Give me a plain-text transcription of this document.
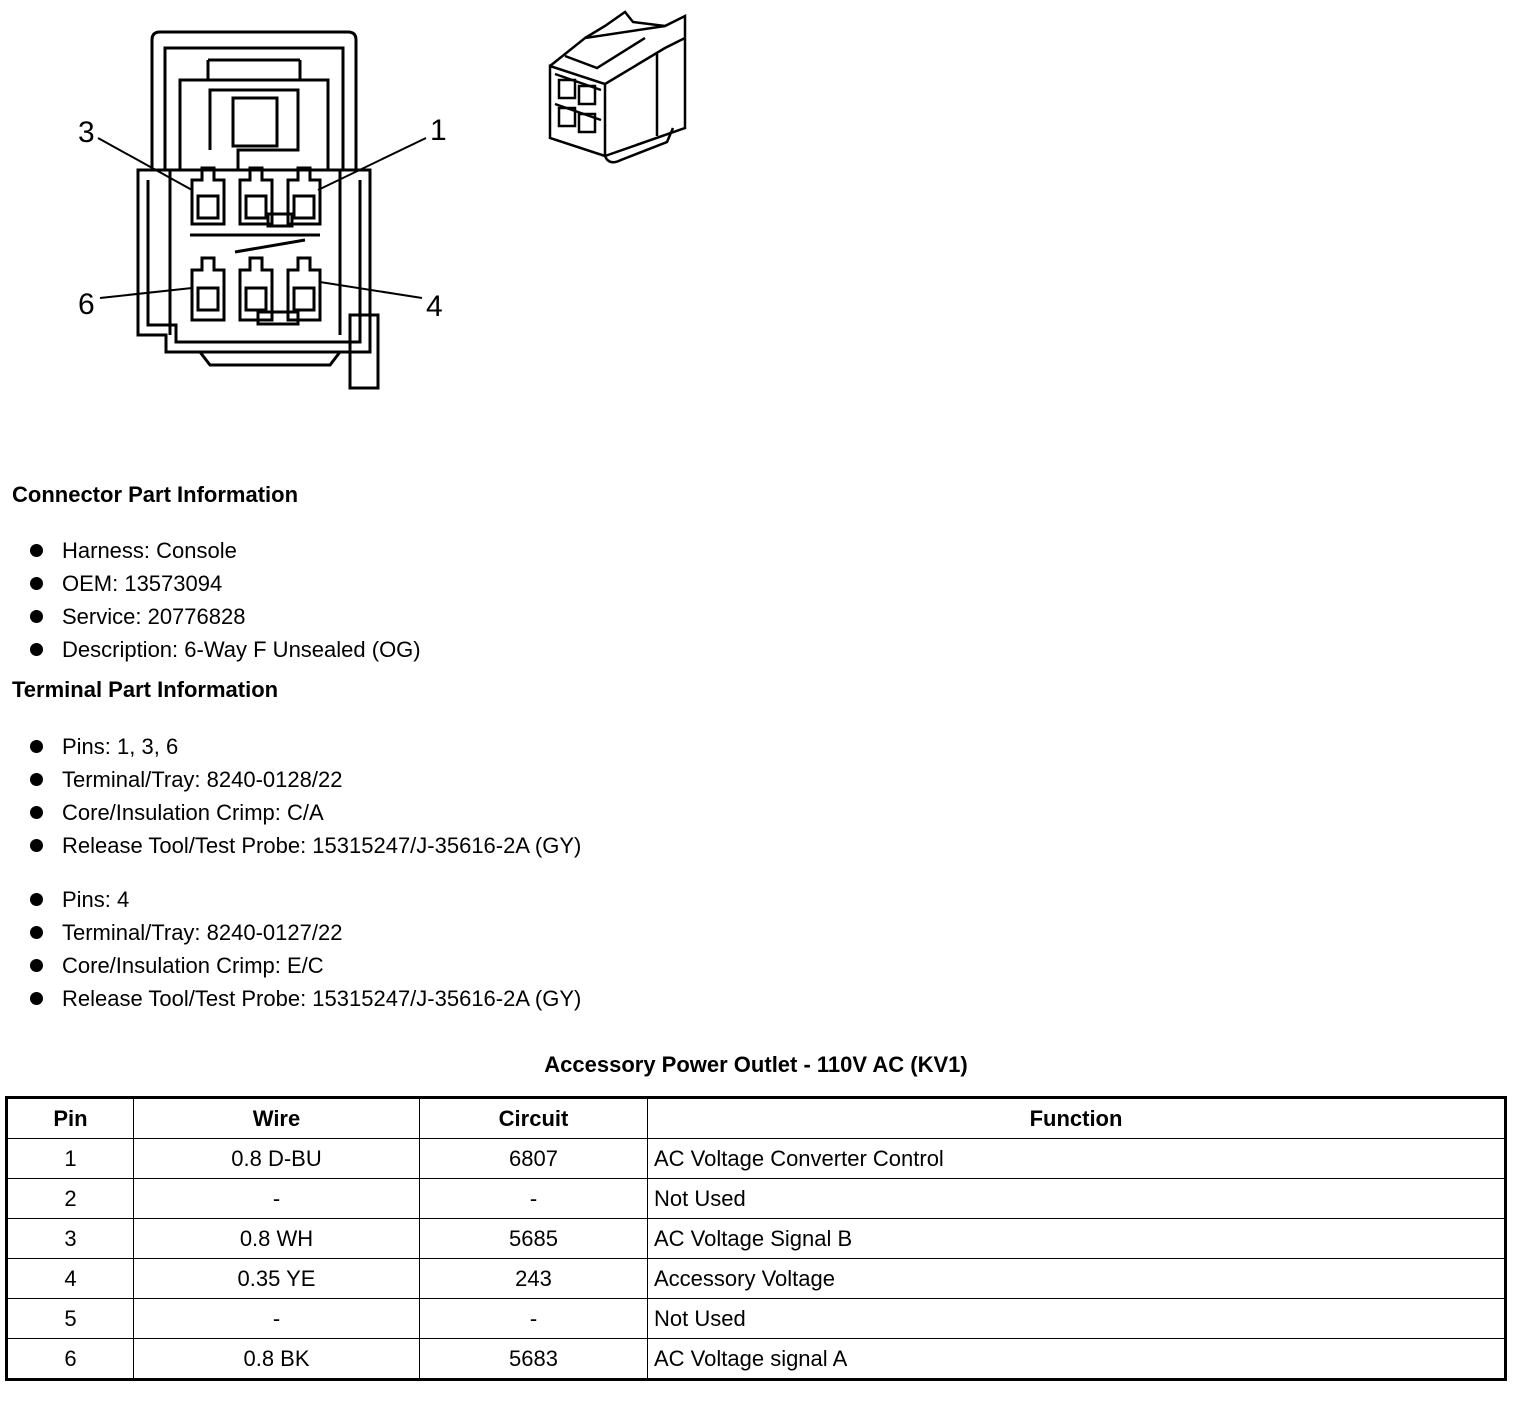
3	1
6	4
Connector Part Information
Harness: Console
OEM: 13573094
Service: 20776828
Description: 6-Way F Unsealed (OG)
Terminal Part Information
Pins: 1, 3, 6
Terminal/Tray: 8240-0128/22
Core/Insulation Crimp: C/A
Release Tool/Test Probe: 15315247/J-35616-2A (GY)
Pins: 4
Terminal/Tray: 8240-0127/22
Core/Insulation Crimp: E/C
Release Tool/Test Probe: 15315247/J-35616-2A (GY)
Accessory Power Outlet - 110V AC (KV1)
Pin	Wire	Circuit	Function
1	0.8 D-BU	6807	AC Voltage Converter Control
2	-	-	Not Used
3	0.8 WH	5685	AC Voltage Signal B
4	0.35 YE	243	Accessory Voltage
5	-	-	Not Used
6	0.8 BK	5683	AC Voltage signal A
